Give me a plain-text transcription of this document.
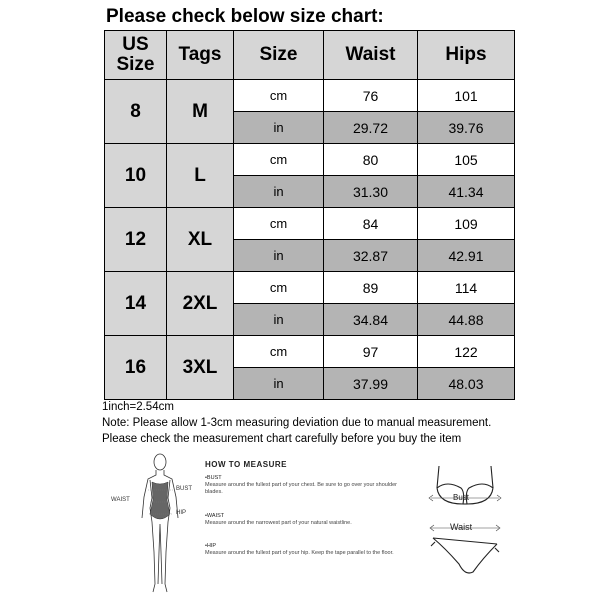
Please check below size chart:
US Size	Tags	Size	Waist	Hips
8	M	cm	76	101
		in	29.72	39.76
10	L	cm	80	105
		in	31.30	41.34
12	XL	cm	84	109
		in	32.87	42.91
14	2XL	cm	89	114
		in	34.84	44.88
16	3XL	cm	97	122
		in	37.99	48.03
1inch=2.54cm
Note: Please allow 1-3cm measuring deviation due to manual measurement.
Please check the measurement chart carefully before you buy the item
WAIST
BUST
HIP
HOW TO MEASURE
•BUST
Measure around the fullest part of your chest. Be sure to go over your shoulder blades.
•WAIST
Measure around the narrowest part of your natural waistline.
•HIP
Measure around the fullest part of your hip. Keep the tape parallel to the floor.
Bust
Waist
